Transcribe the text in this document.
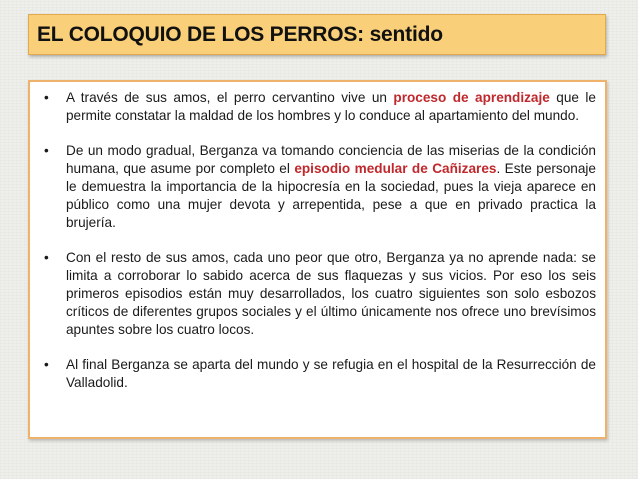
EL COLOQUIO DE LOS PERROS: sentido
• A través de sus amos, el perro cervantino vive un proceso de aprendizaje que le permite constatar la maldad de los hombres y lo conduce al apartamiento del mundo.
• De un modo gradual, Berganza va tomando conciencia de las miserias de la condición humana, que asume por completo el episodio medular de Cañizares. Este personaje le demuestra la importancia de la hipocresía en la sociedad, pues la vieja aparece en público como una mujer devota y arrepentida, pese a que en privado practica la brujería.
• Con el resto de sus amos, cada uno peor que otro, Berganza ya no aprende nada: se limita a corroborar lo sabido acerca de sus flaquezas y sus vicios. Por eso los seis primeros episodios están muy desarrollados, los cuatro siguientes son solo esbozos críticos de diferentes grupos sociales y el último únicamente nos ofrece uno brevísimos apuntes sobre los cuatro locos.
• Al final Berganza se aparta del mundo y se refugia en el hospital de la Resurrección de Valladolid.
